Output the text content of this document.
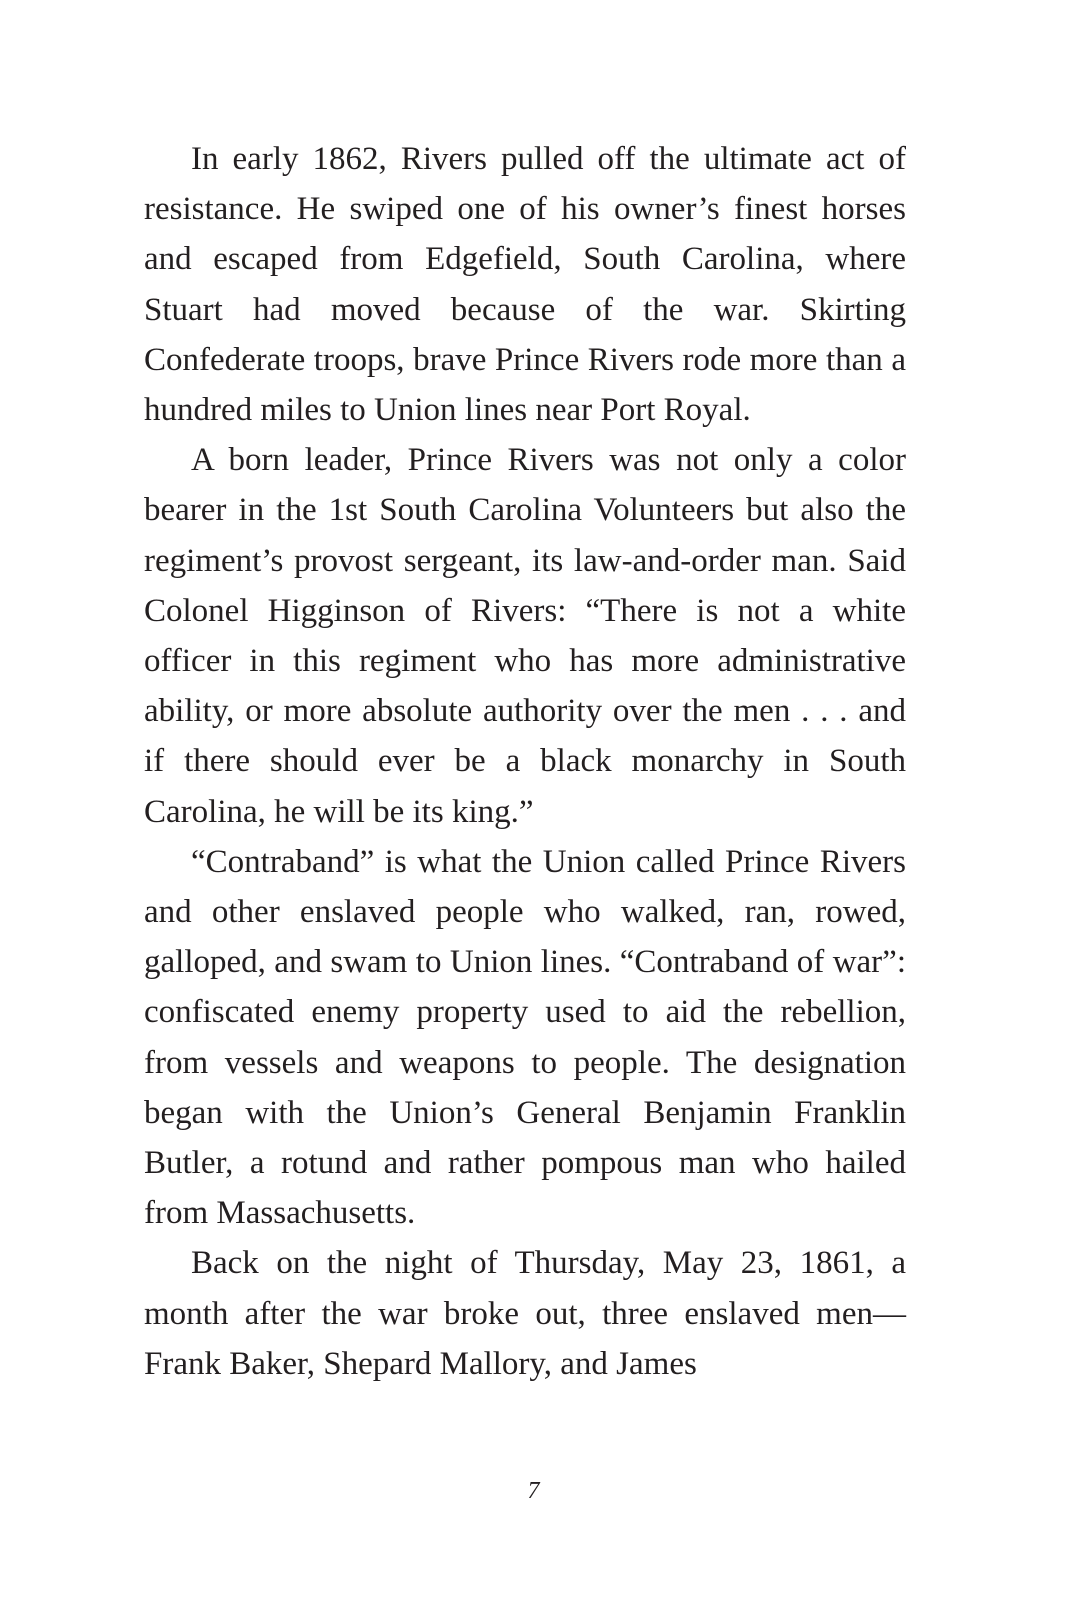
In early 1862, Rivers pulled off the ultimate act of resistance. He swiped one of his owner’s finest horses and escaped from Edgefield, South Carolina, where Stuart had moved because of the war. Skirting Confederate troops, brave Prince Rivers rode more than a hundred miles to Union lines near Port Royal.

A born leader, Prince Rivers was not only a color bearer in the 1st South Carolina Volunteers but also the regiment’s provost sergeant, its law-and-order man. Said Colonel Higginson of Rivers: “There is not a white officer in this regiment who has more administrative ability, or more absolute authority over the men . . . and if there should ever be a black monarchy in South Carolina, he will be its king.”

“Contraband” is what the Union called Prince Rivers and other enslaved people who walked, ran, rowed, galloped, and swam to Union lines. “Contraband of war”: confiscated enemy property used to aid the rebellion, from vessels and weapons to people. The designation began with the Union’s General Benjamin Franklin Butler, a rotund and rather pompous man who hailed from Massachusetts.

Back on the night of Thursday, May 23, 1861, a month after the war broke out, three enslaved men—Frank Baker, Shepard Mallory, and James

7
